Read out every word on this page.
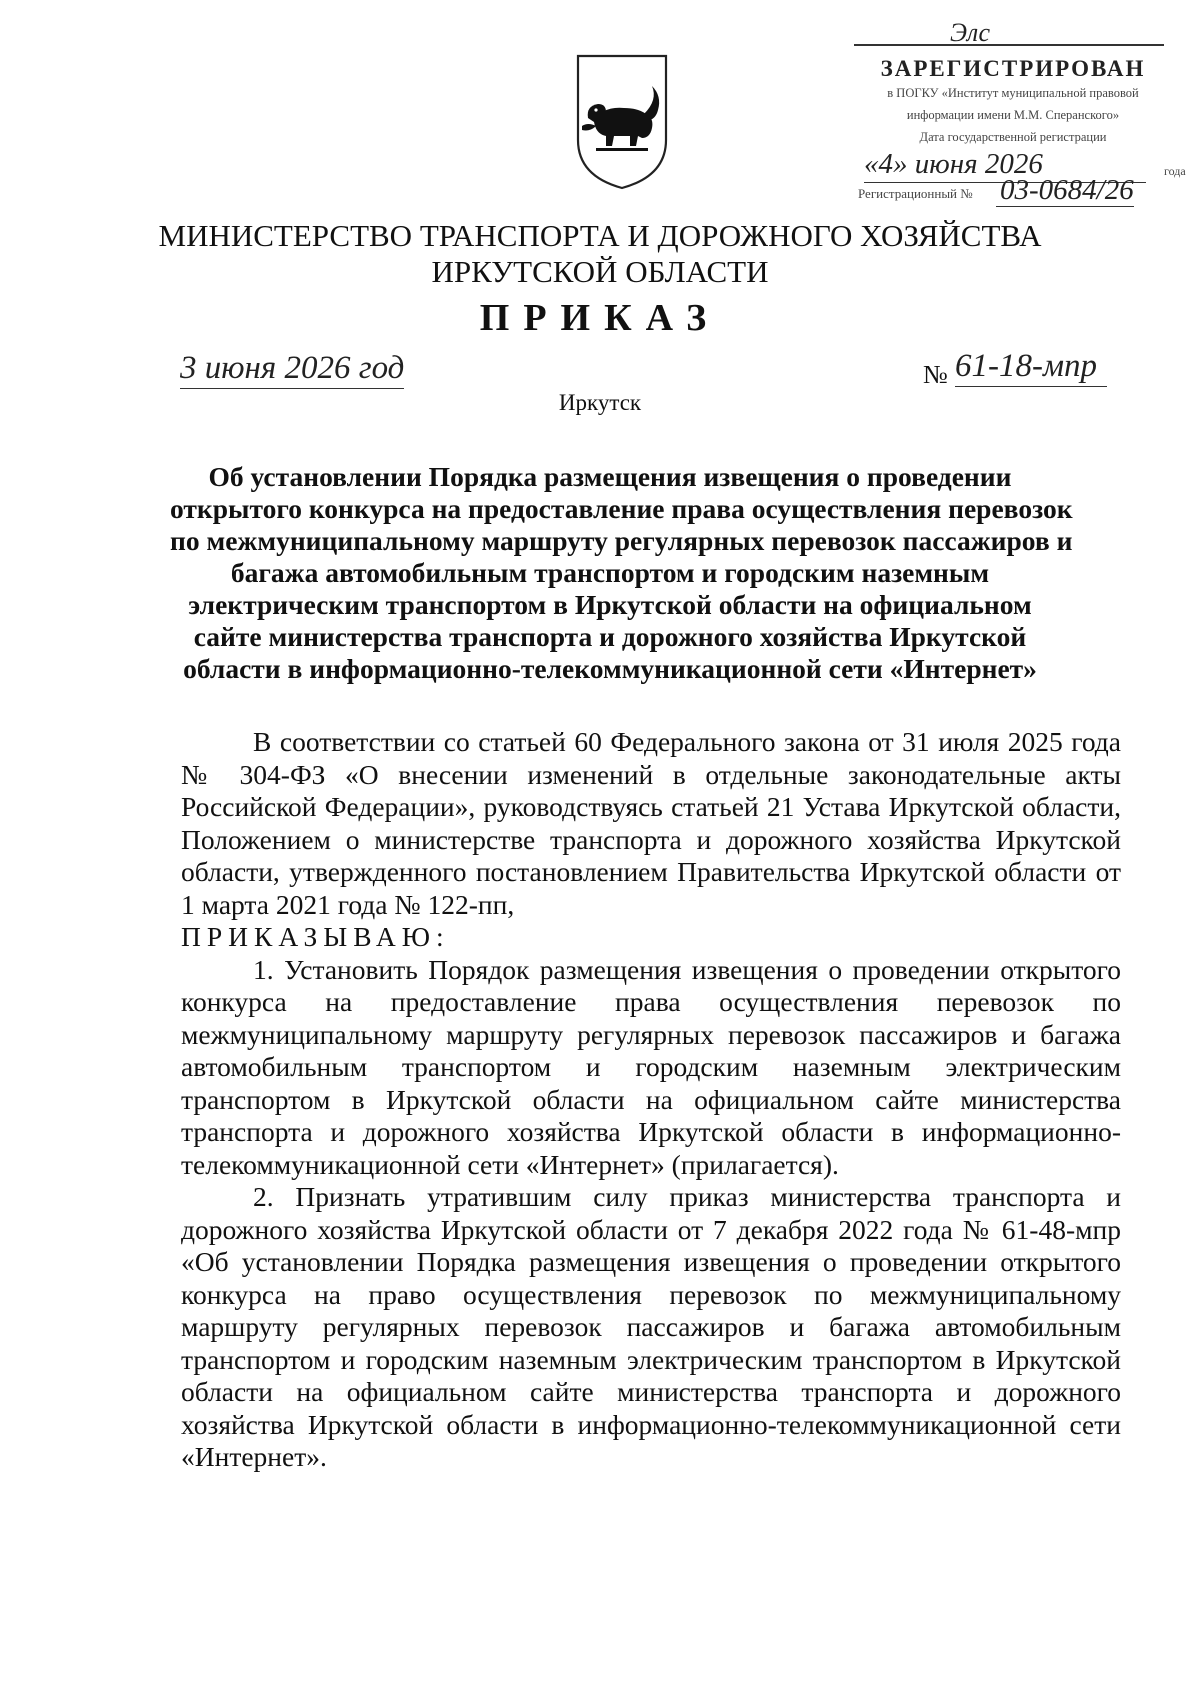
Элс
ЗАРЕГИСТРИРОВАН
в ПОГКУ «Институт муниципальной правовой
информации имени М.М. Сперанского»
Дата государственной регистрации
«4» июня 2026	года
Регистрационный № 03-0684/26
МИНИСТЕРСТВО ТРАНСПОРТА И ДОРОЖНОГО ХОЗЯЙСТВА
ИРКУТСКОЙ ОБЛАСТИ
ПРИКАЗ
3 июня 2026 год	№ 61-18-мпр
Иркутск
Об установлении Порядка размещения извещения о проведении
открытого конкурса на предоставление права осуществления перевозок
по межмуниципальному маршруту регулярных перевозок пассажиров и
багажа автомобильным транспортом и городским наземным
электрическим транспортом в Иркутской области на официальном
сайте министерства транспорта и дорожного хозяйства Иркутской
области в информационно-телекоммуникационной сети «Интернет»

В соответствии со статьей 60 Федерального закона от 31 июля 2025 года № 304-ФЗ «О внесении изменений в отдельные законодательные акты Российской Федерации», руководствуясь статьей 21 Устава Иркутской области, Положением о министерстве транспорта и дорожного хозяйства Иркутской области, утвержденного постановлением Правительства Иркутской области от 1 марта 2021 года № 122-пп,

ПРИКАЗЫВАЮ:

1. Установить Порядок размещения извещения о проведении открытого конкурса на предоставление права осуществления перевозок по межмуниципальному маршруту регулярных перевозок пассажиров и багажа автомобильным транспортом и городским наземным электрическим транспортом в Иркутской области на официальном сайте министерства транспорта и дорожного хозяйства Иркутской области в информационно-телекоммуникационной сети «Интернет» (прилагается).

2. Признать утратившим силу приказ министерства транспорта и дорожного хозяйства Иркутской области от 7 декабря 2022 года № 61-48-мпр «Об установлении Порядка размещения извещения о проведении открытого конкурса на право осуществления перевозок по межмуниципальному маршруту регулярных перевозок пассажиров и багажа автомобильным транспортом и городским наземным электрическим транспортом в Иркутской области на официальном сайте министерства транспорта и дорожного хозяйства Иркутской области в информационно-телекоммуникационной сети «Интернет».
